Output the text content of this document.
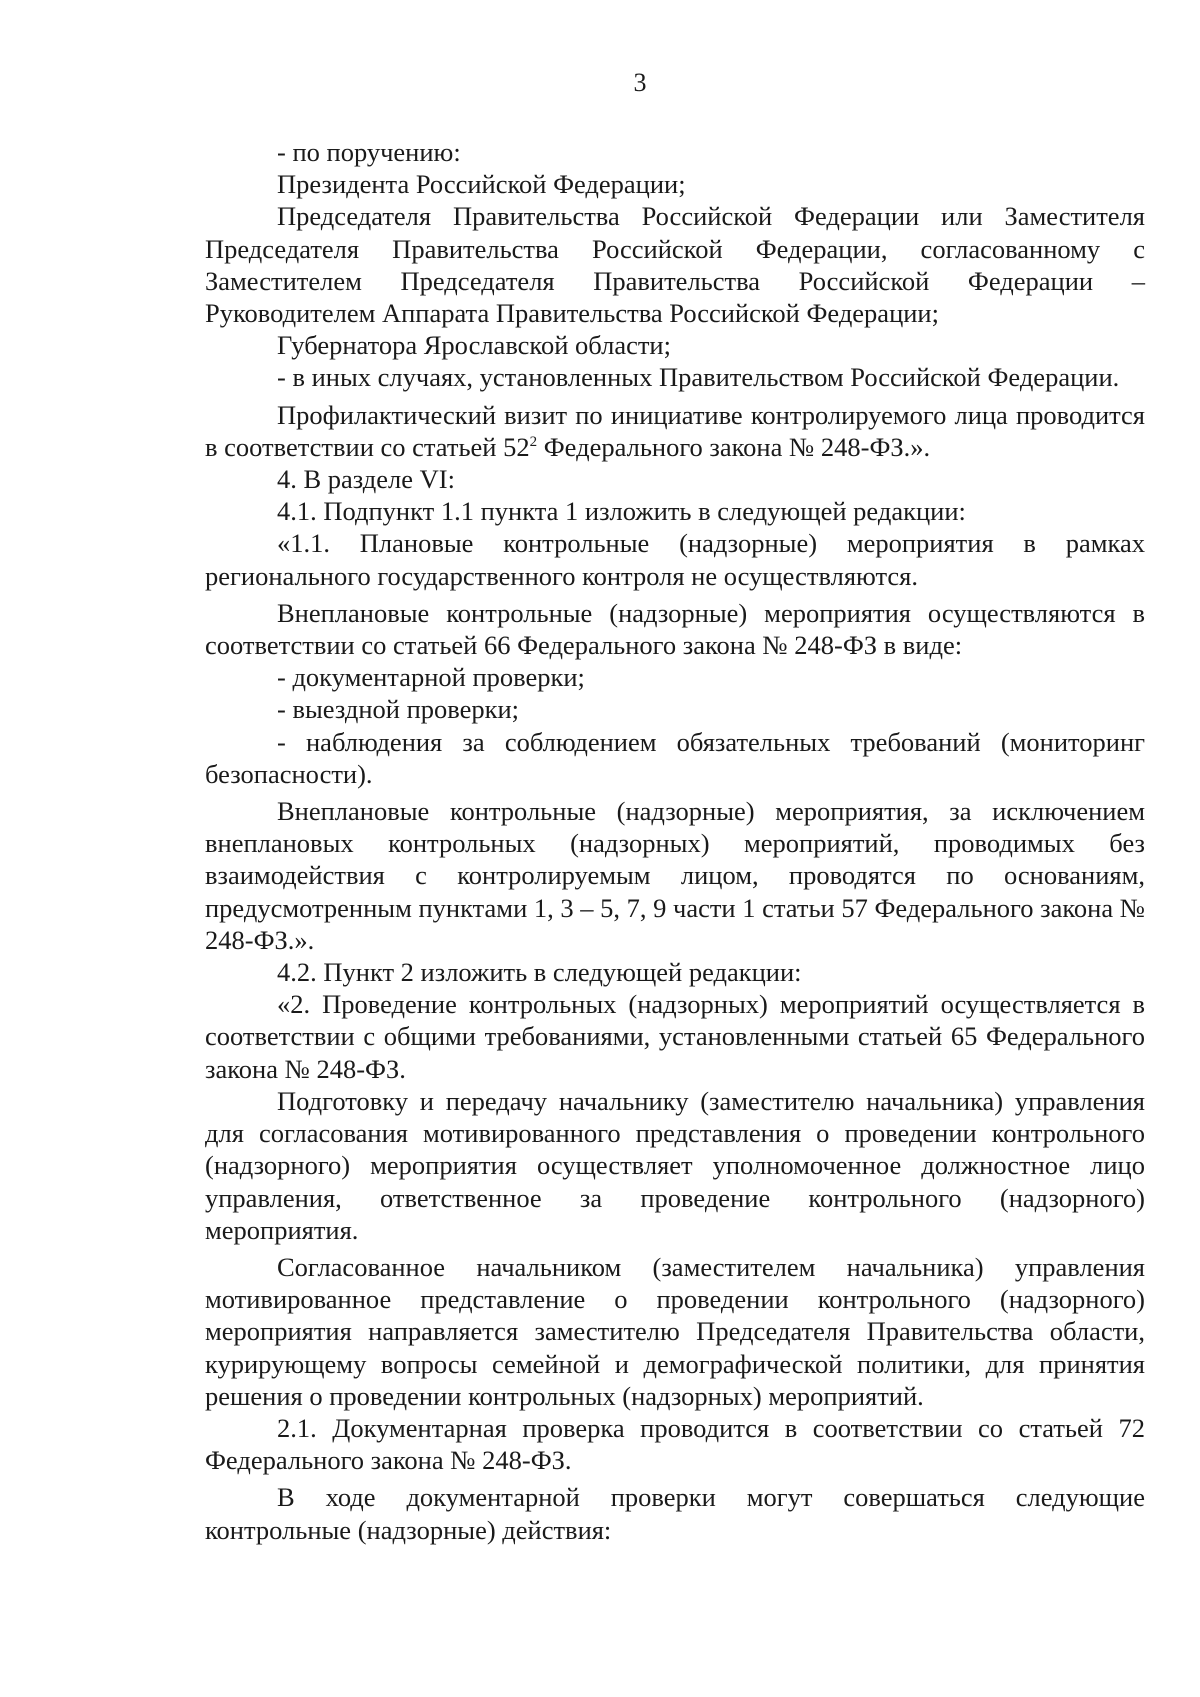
3

- по поручению:

Президента Российской Федерации;

Председателя Правительства Российской Федерации или Заместителя Председателя Правительства Российской Федерации, согласованному с Заместителем Председателя Правительства Российской Федерации – Руководителем Аппарата Правительства Российской Федерации;

Губернатора Ярославской области;

- в иных случаях, установленных Правительством Российской Федерации.

Профилактический визит по инициативе контролируемого лица проводится в соответствии со статьей $52^2$ Федерального закона № 248-ФЗ.».

4. В разделе VI:

4.1. Подпункт 1.1 пункта 1 изложить в следующей редакции:

«1.1. Плановые контрольные (надзорные) мероприятия в рамках регионального государственного контроля не осуществляются.

Внеплановые контрольные (надзорные) мероприятия осуществляются в соответствии со статьей 66 Федерального закона № 248-ФЗ в виде:

- документарной проверки;

- выездной проверки;

- наблюдения за соблюдением обязательных требований (мониторинг безопасности).

Внеплановые контрольные (надзорные) мероприятия, за исключением внеплановых контрольных (надзорных) мероприятий, проводимых без взаимодействия с контролируемым лицом, проводятся по основаниям, предусмотренным пунктами 1, 3 – 5, 7, 9 части 1 статьи 57 Федерального закона № 248-ФЗ.».

4.2. Пункт 2 изложить в следующей редакции:

«2. Проведение контрольных (надзорных) мероприятий осуществляется в соответствии с общими требованиями, установленными статьей 65 Федерального закона № 248-ФЗ.

Подготовку и передачу начальнику (заместителю начальника) управления для согласования мотивированного представления о проведении контрольного (надзорного) мероприятия осуществляет уполномоченное должностное лицо управления, ответственное за проведение контрольного (надзорного) мероприятия.

Согласованное начальником (заместителем начальника) управления мотивированное представление о проведении контрольного (надзорного) мероприятия направляется заместителю Председателя Правительства области, курирующему вопросы семейной и демографической политики, для принятия решения о проведении контрольных (надзорных) мероприятий.

2.1. Документарная проверка проводится в соответствии со статьей 72 Федерального закона № 248-ФЗ.

В ходе документарной проверки могут совершаться следующие контрольные (надзорные) действия:
